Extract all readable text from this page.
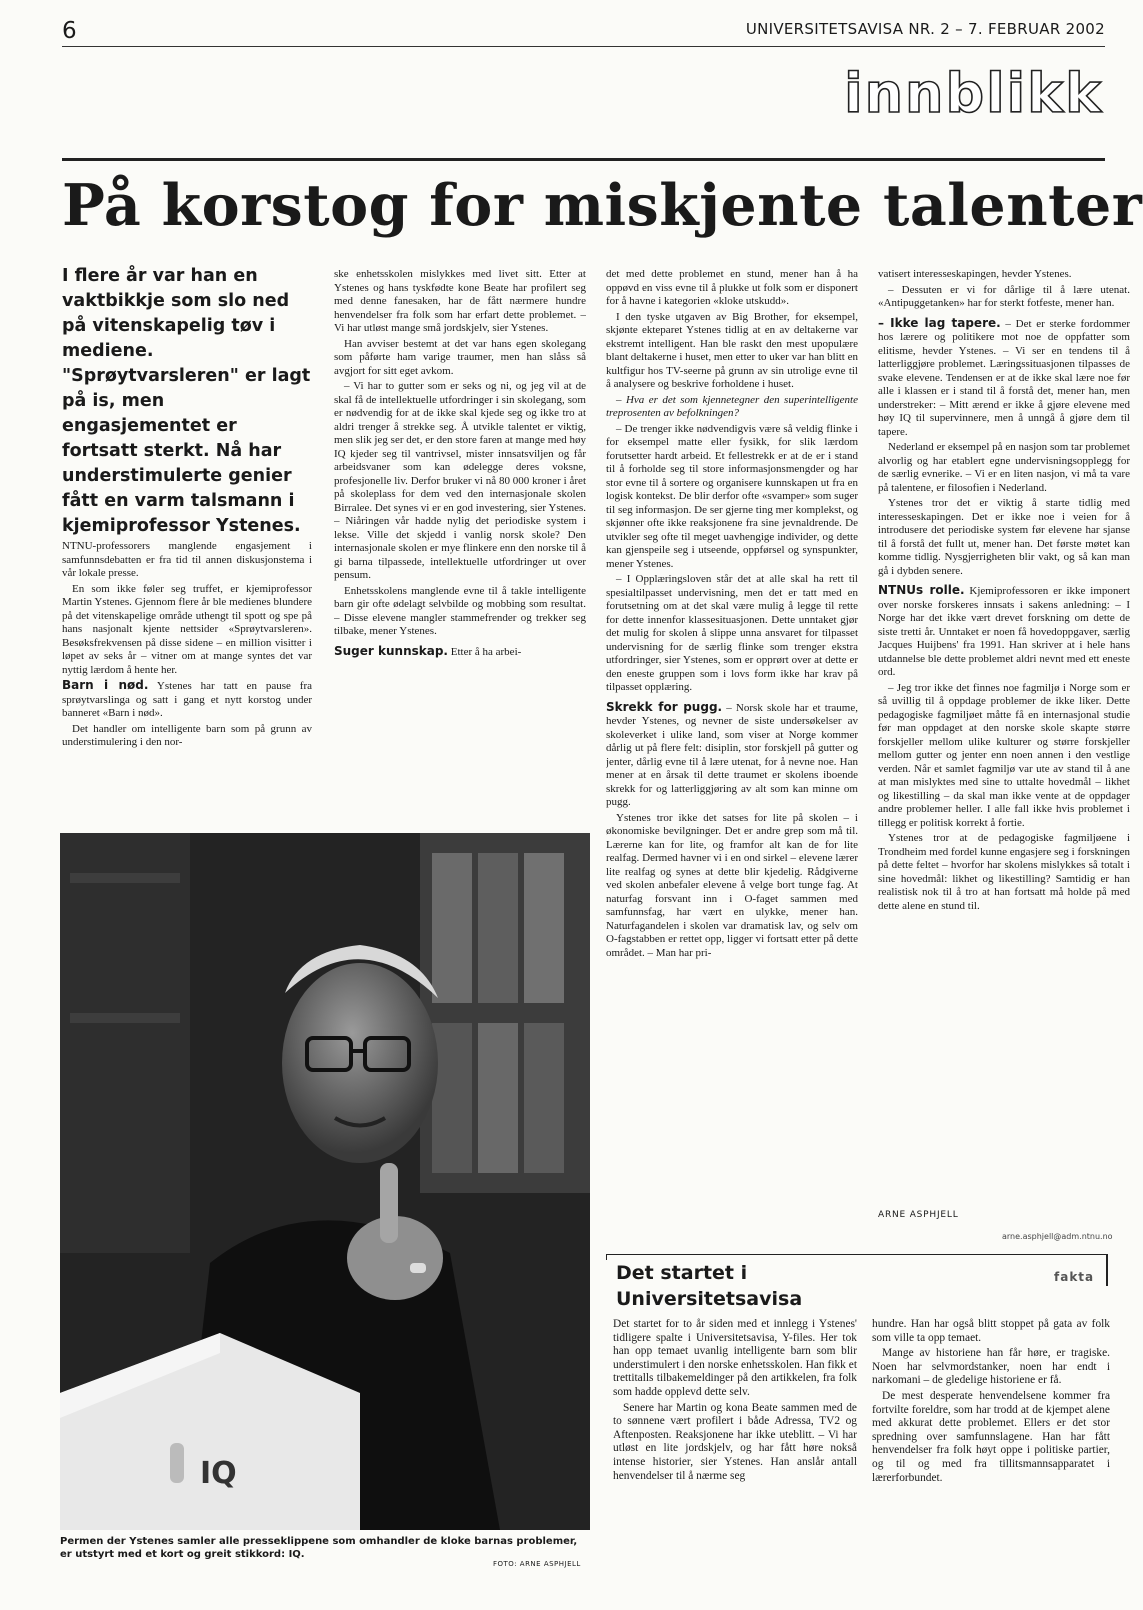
6	UNIVERSITETSAVISA NR. 2 – 7. FEBRUAR 2002
innblikk
På korstog for miskjente talenter
I flere år var han en vaktbikkje som slo ned på vitenskapelig tøv i mediene. "Sprøytvarsleren" er lagt på is, men engasjementet er fortsatt sterkt. Nå har understimulerte genier fått en varm talsmann i kjemiprofessor Ystenes.

NTNU-professorers manglende engasjement i samfunnsdebatten er fra tid til annen diskusjonstema i vår lokale presse.

En som ikke føler seg truffet, er kjemiprofessor Martin Ystenes. Gjennom flere år ble medienes blundere på det vitenskapelige område uthengt til spott og spe på hans nasjonalt kjente nettsider «Sprøytvarsleren». Besøksfrekvensen på disse sidene – en million visitter i løpet av seks år – vitner om at mange syntes det var nyttig lærdom å hente her.

Barn i nød. Ystenes har tatt en pause fra sprøytvarslinga og satt i gang et nytt korstog under banneret «Barn i nød».

Det handler om intelligente barn som på grunn av understimulering i den nor-

ske enhetsskolen mislykkes med livet sitt. Etter at Ystenes og hans tyskfødte kone Beate har profilert seg med denne fanesaken, har de fått nærmere hundre henvendelser fra folk som har erfart dette problemet. – Vi har utløst mange små jordskjelv, sier Ystenes.

Han avviser bestemt at det var hans egen skolegang som påførte ham varige traumer, men han slåss så avgjort for sitt eget avkom.

– Vi har to gutter som er seks og ni, og jeg vil at de skal få de intellektuelle utfordringer i sin skolegang, som er nødvendig for at de ikke skal kjede seg og ikke tro at aldri trenger å strekke seg. Å utvikle talentet er viktig, men slik jeg ser det, er den store faren at mange med høy IQ kjeder seg til vantrivsel, mister innsatsviljen og får arbeidsvaner som kan ødelegge deres voksne, profesjonelle liv. Derfor bruker vi nå 80 000 kroner i året på skoleplass for dem ved den internasjonale skolen Birralee. Det synes vi er en god investering, sier Ystenes. – Niåringen vår hadde nylig det periodiske system i lekse. Ville det skjedd i vanlig norsk skole? Den internasjonale skolen er mye flinkere enn den norske til å gi barna tilpassede, intellektuelle utfordringer ut over pensum.

Enhetsskolens manglende evne til å takle intelligente barn gir ofte ødelagt selvbilde og mobbing som resultat. – Disse elevene mangler stammefrender og trekker seg tilbake, mener Ystenes.

Suger kunnskap. Etter å ha arbei-

det med dette problemet en stund, mener han å ha oppøvd en viss evne til å plukke ut folk som er disponert for å havne i kategorien «kloke utskudd».

I den tyske utgaven av Big Brother, for eksempel, skjønte ekteparet Ystenes tidlig at en av deltakerne var ekstremt intelligent. Han ble raskt den mest upopulære blant deltakerne i huset, men etter to uker var han blitt en kultfigur hos TV-seerne på grunn av sin utrolige evne til å analysere og beskrive forholdene i huset.

– Hva er det som kjennetegner den superintelligente treprosenten av befolkningen?

– De trenger ikke nødvendigvis være så veldig flinke i for eksempel matte eller fysikk, for slik lærdom forutsetter hardt arbeid. Et fellestrekk er at de er i stand til å forholde seg til store informasjonsmengder og har stor evne til å sortere og organisere kunnskapen ut fra en logisk kontekst. De blir derfor ofte «svamper» som suger til seg informasjon. De ser gjerne ting mer komplekst, og skjønner ofte ikke reaksjonene fra sine jevnaldrende. De utvikler seg ofte til meget uavhengige individer, og dette kan gjenspeile seg i utseende, oppførsel og synspunkter, mener Ystenes.

– I Opplæringsloven står det at alle skal ha rett til spesialtilpasset undervisning, men det er tatt med en forutsetning om at det skal være mulig å legge til rette for dette innenfor klassesituasjonen. Dette unntaket gjør det mulig for skolen å slippe unna ansvaret for tilpasset undervisning for de særlig flinke som trenger ekstra utfordringer, sier Ystenes, som er opprørt over at dette er den eneste gruppen som i lovs form ikke har krav på tilpasset opplæring.

Skrekk for pugg. – Norsk skole har et traume, hevder Ystenes, og nevner de siste undersøkelser av skoleverket i ulike land, som viser at Norge kommer dårlig ut på flere felt: disiplin, stor forskjell på gutter og jenter, dårlig evne til å lære utenat, for å nevne noe. Han mener at en årsak til dette traumet er skolens iboende skrekk for og latterliggjøring av alt som kan minne om pugg.

Ystenes tror ikke det satses for lite på skolen – i økonomiske bevilgninger. Det er andre grep som må til. Lærerne kan for lite, og framfor alt kan de for lite realfag. Dermed havner vi i en ond sirkel – elevene lærer lite realfag og synes at dette blir kjedelig. Rådgiverne ved skolen anbefaler elevene å velge bort tunge fag. At naturfag forsvant inn i O-faget sammen med samfunnsfag, har vært en ulykke, mener han. Naturfagandelen i skolen var dramatisk lav, og selv om O-fagstabben er rettet opp, ligger vi fortsatt etter på dette området. – Man har pri-

vatisert interesseskapingen, hevder Ystenes.

– Dessuten er vi for dårlige til å lære utenat. «Antipuggetanken» har for sterkt fotfeste, mener han.

– Ikke lag tapere. – Det er sterke fordommer hos lærere og politikere mot noe de oppfatter som elitisme, hevder Ystenes. – Vi ser en tendens til å latterliggjøre problemet. Læringssituasjonen tilpasses de svake elevene. Tendensen er at de ikke skal lære noe før alle i klassen er i stand til å forstå det, mener han, men understreker: – Mitt ærend er ikke å gjøre elevene med høy IQ til supervinnere, men å unngå å gjøre dem til tapere.

Nederland er eksempel på en nasjon som tar problemet alvorlig og har etablert egne undervisningsopplegg for de særlig evnerike. – Vi er en liten nasjon, vi må ta vare på talentene, er filosofien i Nederland.

Ystenes tror det er viktig å starte tidlig med interesseskapingen. Det er ikke noe i veien for å introdusere det periodiske system før elevene har sjanse til å forstå det fullt ut, mener han. Det første møtet kan komme tidlig. Nysgjerrigheten blir vakt, og så kan man gå i dybden senere.

NTNUs rolle. Kjemiprofessoren er ikke imponert over norske forskeres innsats i sakens anledning: – I Norge har det ikke vært drevet forskning om dette de siste tretti år. Unntaket er noen få hovedoppgaver, særlig Jacques Huijbens' fra 1991. Han skriver at i hele hans utdannelse ble dette problemet aldri nevnt med ett eneste ord.

– Jeg tror ikke det finnes noe fagmiljø i Norge som er så uvillig til å oppdage problemer de ikke liker. Dette pedagogiske fagmiljøet måtte få en internasjonal studie før man oppdaget at den norske skole skapte større forskjeller mellom ulike kulturer og større forskjeller mellom gutter og jenter enn noen annen i den vestlige verden. Når et samlet fagmiljø var ute av stand til å ane at man mislyktes med sine to uttalte hovedmål – likhet og likestilling – da skal man ikke vente at de oppdager andre problemer heller. I alle fall ikke hvis problemet i tillegg er politisk korrekt å fortie.

Ystenes tror at de pedagogiske fagmiljøene i Trondheim med fordel kunne engasjere seg i forskningen på dette feltet – hvorfor har skolens mislykkes så totalt i sine hovedmål: likhet og likestilling? Samtidig er han realistisk nok til å tro at han fortsatt må holde på med dette alene en stund til.

ARNE ASPHJELL
arne.asphjell@adm.ntnu.no
IQ
Permen der Ystenes samler alle presseklippene som omhandler de kloke barnas problemer, er utstyrt med et kort og greit stikkord: IQ.
FOTO: ARNE ASPHJELL
Det startet i Universitetsavisa
fakta

Det startet for to år siden med et innlegg i Ystenes' tidligere spalte i Universitetsavisa, Y-files. Her tok han opp temaet uvanlig intelligente barn som blir understimulert i den norske enhetsskolen. Han fikk et trettitalls tilbakemeldinger på den artikkelen, fra folk som hadde opplevd dette selv.

Senere har Martin og kona Beate sammen med de to sønnene vært profilert i både Adressa, TV2 og Aftenposten. Reaksjonene har ikke uteblitt. – Vi har utløst en lite jordskjelv, og har fått høre nokså intense historier, sier Ystenes. Han anslår antall henvendelser til å nærme seg

hundre. Han har også blitt stoppet på gata av folk som ville ta opp temaet.

Mange av historiene han får høre, er tragiske. Noen har selvmordstanker, noen har endt i narkomani – de gledelige historiene er få.

De mest desperate henvendelsene kommer fra fortvilte foreldre, som har trodd at de kjempet alene med akkurat dette problemet. Ellers er det stor spredning over samfunnslagene. Han har fått henvendelser fra folk høyt oppe i politiske partier, og til og med fra tillitsmannsapparatet i lærerforbundet.
